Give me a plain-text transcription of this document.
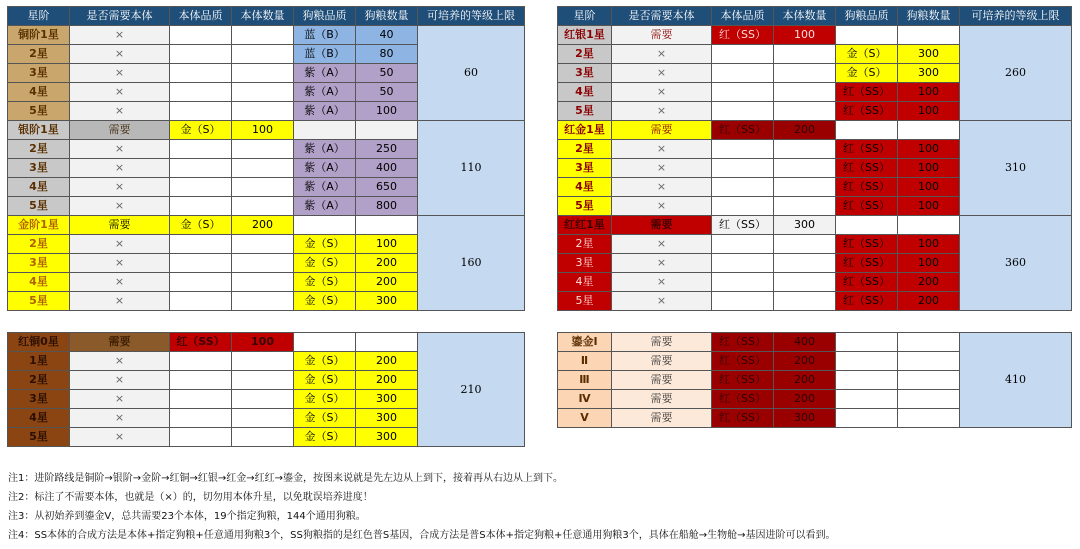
星阶	是否需要本体	本体品质	本体数量	狗粮品质	狗粮数量	可培养的等级上限
铜阶1星	×			蓝（B）	40	60
2星	×			蓝（B）	80	
3星	×			紫（A）	50	
4星	×			紫（A）	50	
5星	×			紫（A）	100	
银阶1星	需要	金（S）	100			110
2星	×			紫（A）	250	
3星	×			紫（A）	400	
4星	×			紫（A）	650	
5星	×			紫（A）	800	
金阶1星	需要	金（S）	200			160
2星	×			金（S）	100	
3星	×			金（S）	200	
4星	×			金（S）	200	
5星	×			金（S）	300	
红铜0星	需要	红（SS）	100			210
1星	×			金（S）	200	
2星	×			金（S）	200	
3星	×			金（S）	300	
4星	×			金（S）	300	
5星	×			金（S）	300	
星阶	是否需要本体	本体品质	本体数量	狗粮品质	狗粮数量	可培养的等级上限
红银1星	需要	红（SS）	100			260
2星	×			金（S）	300	
3星	×			金（S）	300	
4星	×			红（SS）	100	
5星	×			红（SS）	100	
红金1星	需要	红（SS）	200			310
2星	×			红（SS）	100	
3星	×			红（SS）	100	
4星	×			红（SS）	100	
5星	×			红（SS）	100	
红红1星	需要	红（SS）	300			360
2星	×			红（SS）	100	
3星	×			红（SS）	100	
4星	×			红（SS）	200	
5星	×			红（SS）	200	
鎏金Ⅰ	需要	红（SS）	400			410
Ⅱ	需要	红（SS）	200			
Ⅲ	需要	红（SS）	200			
Ⅳ	需要	红（SS）	200			
Ⅴ	需要	红（SS）	300			
注1：进阶路线是铜阶→银阶→金阶→红铜→红银→红金→红红→鎏金，按图来说就是先左边从上到下，接着再从右边从上到下。
注2：标注了不需要本体，也就是（×）的，切勿用本体升星，以免耽误培养进度！
注3：从初始养到鎏金Ⅴ，总共需要23个本体，19个指定狗粮，144个通用狗粮。
注4：SS本体的合成方法是本体+指定狗粮+任意通用狗粮3个，SS狗粮指的是红色普S基因，合成方法是普S本体+指定狗粮+任意通用狗粮3个，具体在船舱→生物舱→基因进阶可以看到。
